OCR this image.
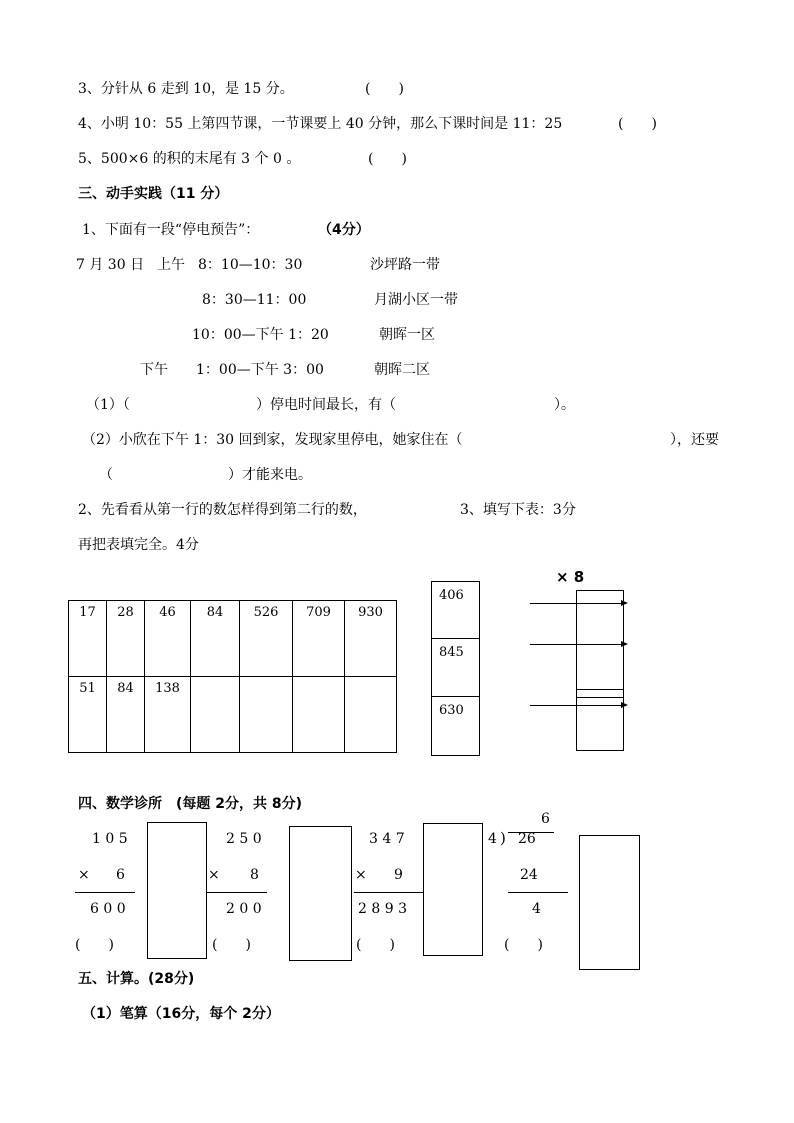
3、分针从 6 走到 10，是 15 分。	(　　)
4、小明 10：55 上第四节课，一节课要上 40 分钟，那么下课时间是 11：25	(　　)
5、500×6 的积的末尾有 3 个 0 。	(　　)
三、动手实践（11 分）
1、下面有一段“停电预告”：	（4分）
7 月 30 日 上午 8：10—10：30	沙坪路一带
8：30—11：00	月湖小区一带
10：00—下午 1：20	朝晖一区
下午 1：00—下午 3：00	朝晖二区
（1）（	）停电时间最长，有（	）。
（2）小欣在下午 1：30 回到家，发现家里停电，她家住在（	），还要
（	）才能来电。
2、先看看从第一行的数怎样得到第二行的数，	3、填写下表：3分
再把表填完全。4分
17	28	46	84	526	709	930
51	84	138				
406
845
630
× 8
四、数学诊所　(每题 2分，共 8分)
1 0 5
× 6
6 0 0
(　　)
2 5 0
× 8
2 0 0
(　　)
3 4 7
× 9
2 8 9 3
(　　)
6
4 ) 26
24
4
(　　)
五、计算。(28分)
（1）笔算（16分，每个 2分）
